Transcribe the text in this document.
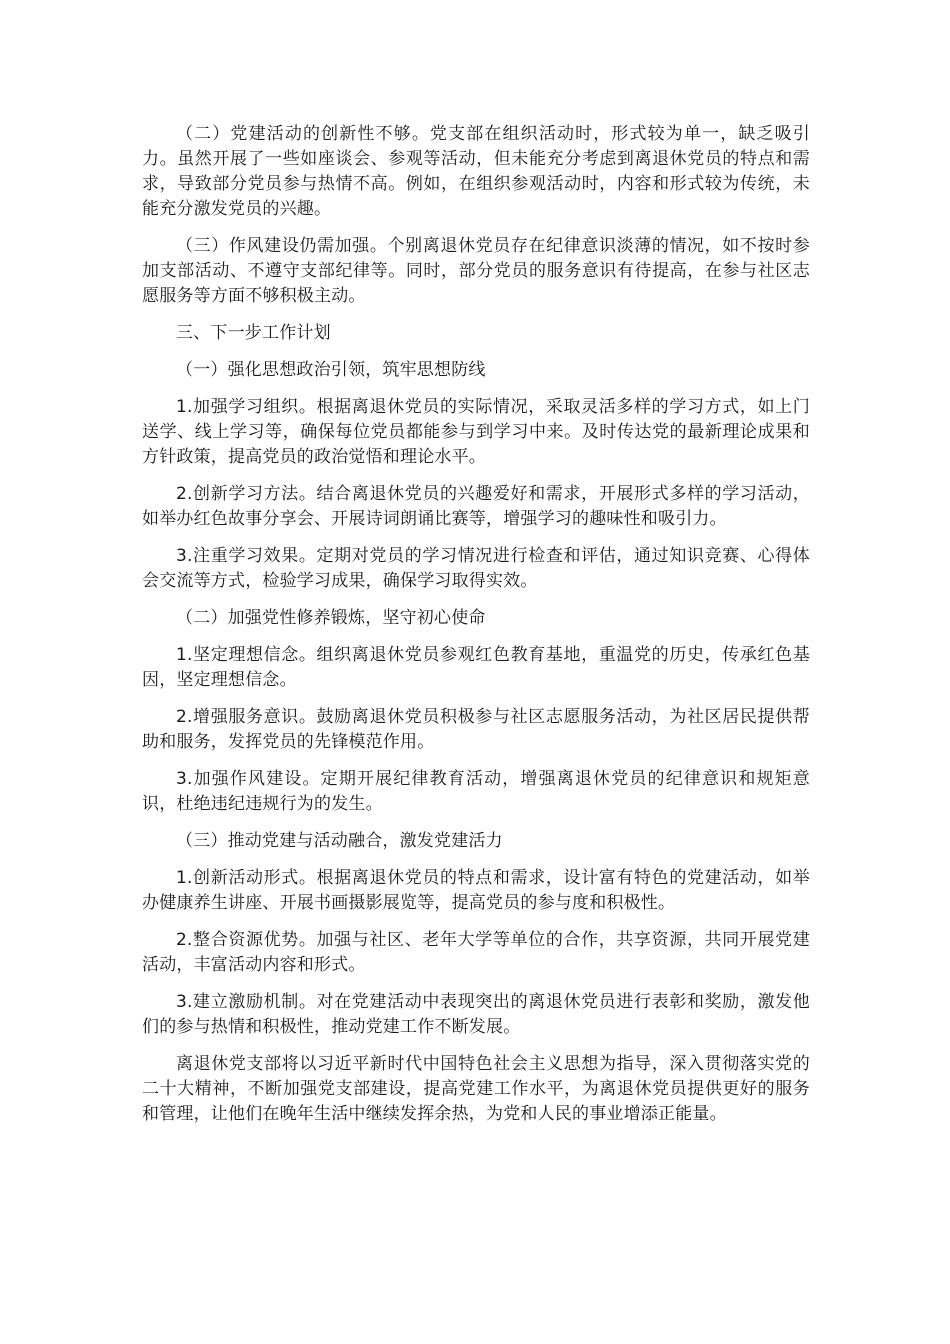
（二）党建活动的创新性不够。党支部在组织活动时，形式较为单一，缺乏吸引力。虽然开展了一些如座谈会、参观等活动，但未能充分考虑到离退休党员的特点和需求，导致部分党员参与热情不高。例如，在组织参观活动时，内容和形式较为传统，未能充分激发党员的兴趣。

（三）作风建设仍需加强。个别离退休党员存在纪律意识淡薄的情况，如不按时参加支部活动、不遵守支部纪律等。同时，部分党员的服务意识有待提高，在参与社区志愿服务等方面不够积极主动。

三、下一步工作计划

（一）强化思想政治引领，筑牢思想防线

1.加强学习组织。根据离退休党员的实际情况，采取灵活多样的学习方式，如上门送学、线上学习等，确保每位党员都能参与到学习中来。及时传达党的最新理论成果和方针政策，提高党员的政治觉悟和理论水平。

2.创新学习方法。结合离退休党员的兴趣爱好和需求，开展形式多样的学习活动，如举办红色故事分享会、开展诗词朗诵比赛等，增强学习的趣味性和吸引力。

3.注重学习效果。定期对党员的学习情况进行检查和评估，通过知识竞赛、心得体会交流等方式，检验学习成果，确保学习取得实效。

（二）加强党性修养锻炼，坚守初心使命

1.坚定理想信念。组织离退休党员参观红色教育基地，重温党的历史，传承红色基因，坚定理想信念。

2.增强服务意识。鼓励离退休党员积极参与社区志愿服务活动，为社区居民提供帮助和服务，发挥党员的先锋模范作用。

3.加强作风建设。定期开展纪律教育活动，增强离退休党员的纪律意识和规矩意识，杜绝违纪违规行为的发生。

（三）推动党建与活动融合，激发党建活力

1.创新活动形式。根据离退休党员的特点和需求，设计富有特色的党建活动，如举办健康养生讲座、开展书画摄影展览等，提高党员的参与度和积极性。

2.整合资源优势。加强与社区、老年大学等单位的合作，共享资源，共同开展党建活动，丰富活动内容和形式。

3.建立激励机制。对在党建活动中表现突出的离退休党员进行表彰和奖励，激发他们的参与热情和积极性，推动党建工作不断发展。

离退休党支部将以习近平新时代中国特色社会主义思想为指导，深入贯彻落实党的二十大精神，不断加强党支部建设，提高党建工作水平，为离退休党员提供更好的服务和管理，让他们在晚年生活中继续发挥余热，为党和人民的事业增添正能量。
